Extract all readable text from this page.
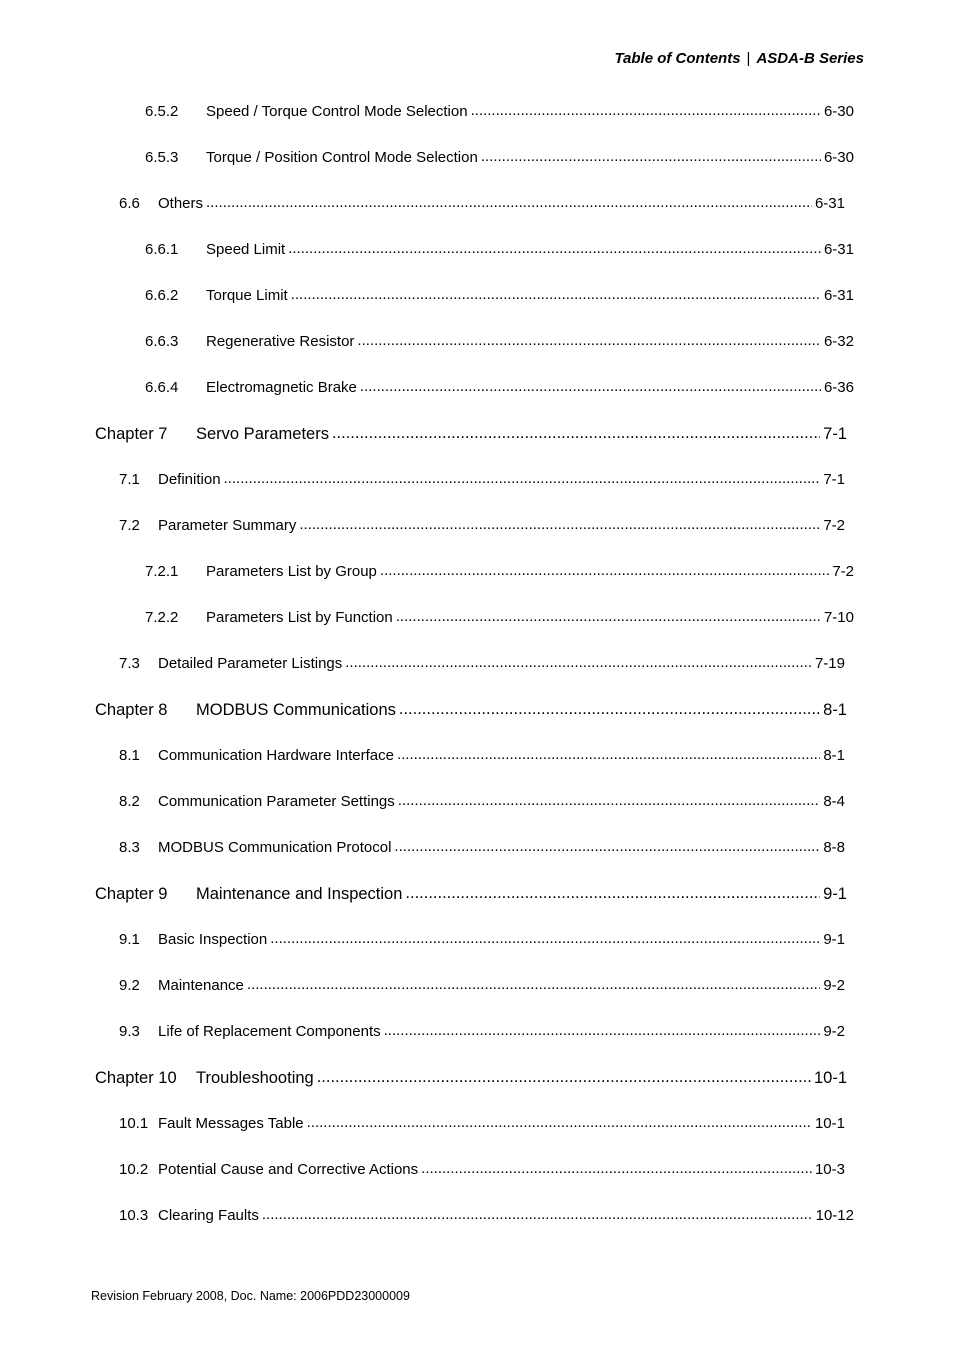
Table of Contents | ASDA-B Series
6.5.2	Speed / Torque Control Mode Selection .....	6-30
6.5.3	Torque / Position Control Mode Selection .....	6-30
6.6	Others .....	6-31
6.6.1	Speed Limit .....	6-31
6.6.2	Torque Limit .....	6-31
6.6.3	Regenerative Resistor .....	6-32
6.6.4	Electromagnetic Brake .....	6-36
Chapter 7	Servo Parameters .....	7-1
7.1	Definition .....	7-1
7.2	Parameter Summary .....	7-2
7.2.1	Parameters List by Group .....	7-2
7.2.2	Parameters List by Function .....	7-10
7.3	Detailed Parameter Listings .....	7-19
Chapter 8	MODBUS Communications .....	8-1
8.1	Communication Hardware Interface .....	8-1
8.2	Communication Parameter Settings .....	8-4
8.3	MODBUS Communication Protocol .....	8-8
Chapter 9	Maintenance and Inspection .....	9-1
9.1	Basic Inspection .....	9-1
9.2	Maintenance .....	9-2
9.3	Life of Replacement Components .....	9-2
Chapter 10	Troubleshooting .....	10-1
10.1 Fault Messages Table .....	10-1
10.2 Potential Cause and Corrective Actions .....	10-3
10.3 Clearing Faults .....	10-12
Revision February 2008, Doc. Name: 2006PDD23000009
